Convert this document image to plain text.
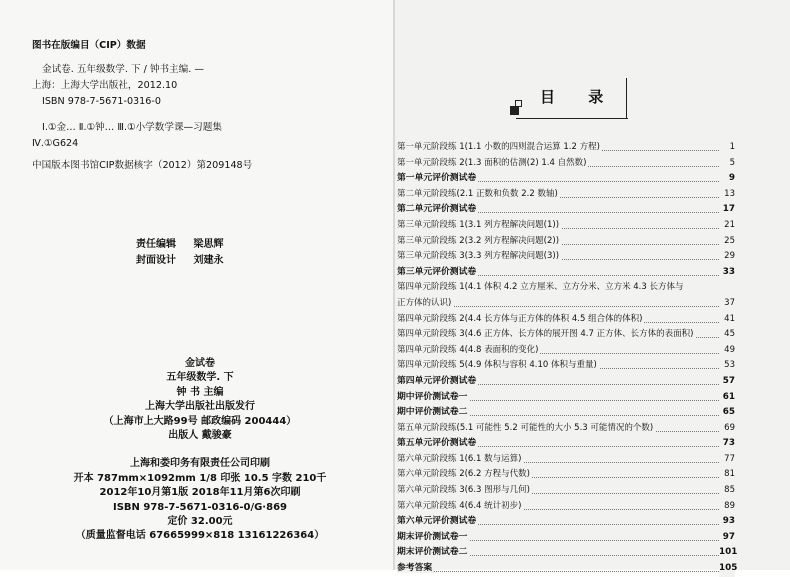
图书在版编目（CIP）数据
金试卷. 五年级数学. 下 / 钟书主编. —
上海：上海大学出版社，2012.10
ISBN 978-7-5671-0316-0
Ⅰ.①金… Ⅱ.①钟… Ⅲ.①小学数学课—习题集
Ⅳ.①G624
中国版本图书馆CIP数据核字（2012）第209148号
责任编辑 梁思辉
封面设计 刘建永
金试卷
五年级数学. 下
钟 书 主编
上海大学出版社出版发行
（上海市上大路99号 邮政编码 200444）
出版人 戴骏豪
上海和娄印务有限责任公司印刷
开本 787mm×1092mm 1/8 印张 10.5 字数 210千
2012年10月第1版 2018年11月第6次印刷
ISBN 978-7-5671-0316-0/G·869
定价 32.00元
（质量监督电话 67665999×818 13161226364）
目 录
第一单元阶段练 1(1.1 小数的四则混合运算 1.2 方程)	1
第一单元阶段练 2(1.3 面积的估测(2) 1.4 自然数)	5
第一单元评价测试卷	9
第二单元阶段练(2.1 正数和负数 2.2 数轴)	13
第二单元评价测试卷	17
第三单元阶段练 1(3.1 列方程解决问题(1))	21
第三单元阶段练 2(3.2 列方程解决问题(2))	25
第三单元阶段练 3(3.3 列方程解决问题(3))	29
第三单元评价测试卷	33
第四单元阶段练 1(4.1 体积 4.2 立方厘米、立方分米、立方米 4.3 长方体与
正方体的认识)	37
第四单元阶段练 2(4.4 长方体与正方体的体积 4.5 组合体的体积)	41
第四单元阶段练 3(4.6 正方体、长方体的展开图 4.7 正方体、长方体的表面积)	45
第四单元阶段练 4(4.8 表面积的变化)	49
第四单元阶段练 5(4.9 体积与容积 4.10 体积与重量)	53
第四单元评价测试卷	57
期中评价测试卷一	61
期中评价测试卷二	65
第五单元阶段练(5.1 可能性 5.2 可能性的大小 5.3 可能情况的个数)	69
第五单元评价测试卷	73
第六单元阶段练 1(6.1 数与运算)	77
第六单元阶段练 2(6.2 方程与代数)	81
第六单元阶段练 3(6.3 图形与几何)	85
第六单元阶段练 4(6.4 统计初步)	89
第六单元评价测试卷	93
期末评价测试卷一	97
期末评价测试卷二	101
参考答案	105
